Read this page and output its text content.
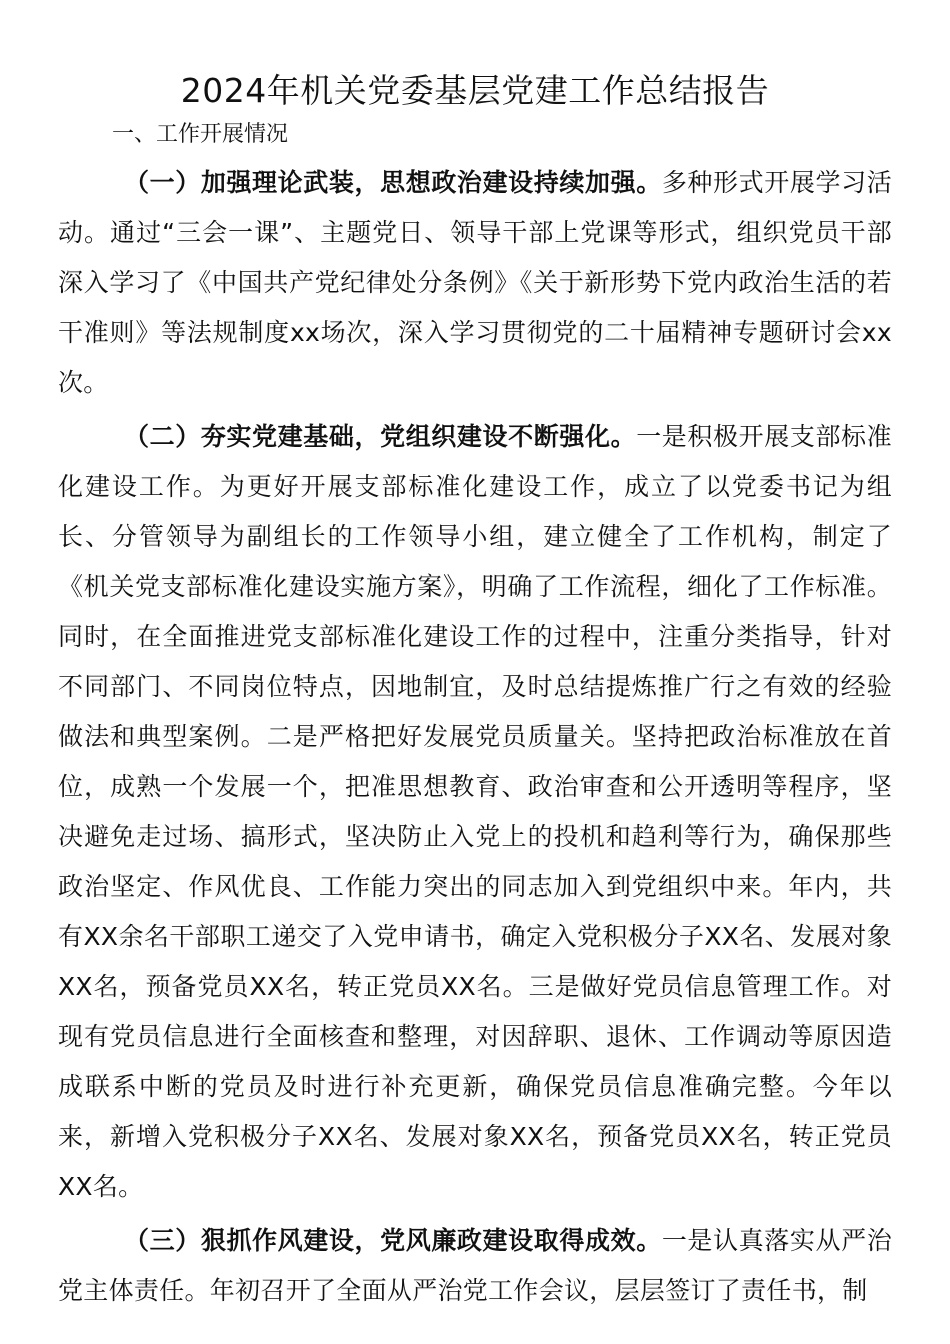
2024年机关党委基层党建工作总结报告
一、工作开展情况

（一）加强理论武装，思想政治建设持续加强。多种形式开展学习活动。通过“三会一课”、主题党日、领导干部上党课等形式，组织党员干部深入学习了《中国共产党纪律处分条例》《关于新形势下党内政治生活的若干准则》等法规制度xx场次，深入学习贯彻党的二十届精神专题研讨会xx次。

（二）夯实党建基础，党组织建设不断强化。一是积极开展支部标准化建设工作。为更好开展支部标准化建设工作，成立了以党委书记为组长、分管领导为副组长的工作领导小组，建立健全了工作机构，制定了《机关党支部标准化建设实施方案》，明确了工作流程，细化了工作标准。同时，在全面推进党支部标准化建设工作的过程中，注重分类指导，针对不同部门、不同岗位特点，因地制宜，及时总结提炼推广行之有效的经验做法和典型案例。二是严格把好发展党员质量关。坚持把政治标准放在首位，成熟一个发展一个，把准思想教育、政治审查和公开透明等程序，坚决避免走过场、搞形式，坚决防止入党上的投机和趋利等行为，确保那些政治坚定、作风优良、工作能力突出的同志加入到党组织中来。年内，共有XX余名干部职工递交了入党申请书，确定入党积极分子XX名、发展对象XX名，预备党员XX名，转正党员XX名。三是做好党员信息管理工作。对现有党员信息进行全面核查和整理，对因辞职、退休、工作调动等原因造成联系中断的党员及时进行补充更新，确保党员信息准确完整。今年以来，新增入党积极分子XX名、发展对象XX名，预备党员XX名，转正党员XX名。

（三）狠抓作风建设，党风廉政建设取得成效。一是认真落实从严治党主体责任。年初召开了全面从严治党工作会议，层层签订了责任书，制
